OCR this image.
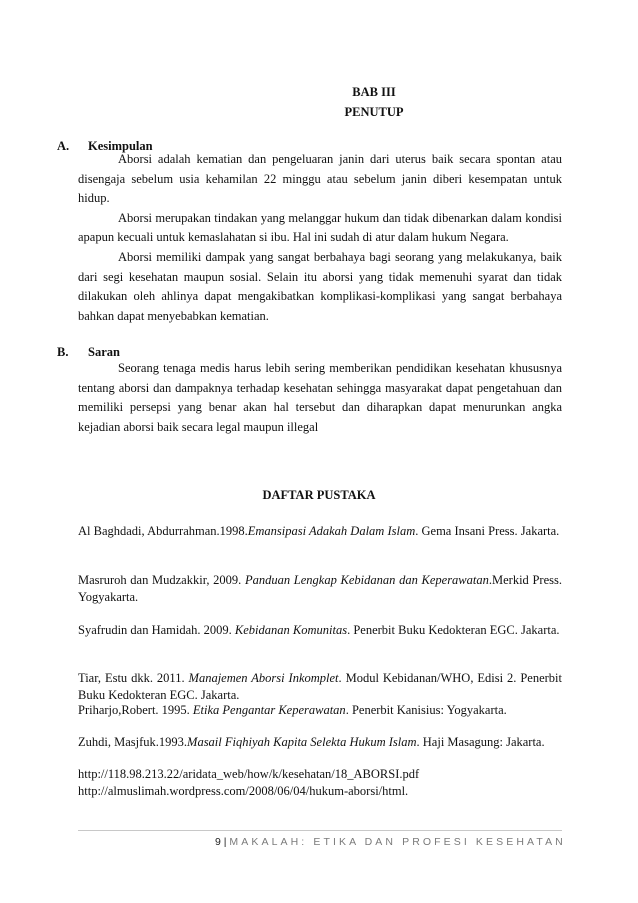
BAB III
PENUTUP
A. Kesimpulan

Aborsi adalah kematian dan pengeluaran janin dari uterus baik secara spontan atau disengaja sebelum usia kehamilan 22 minggu atau sebelum janin diberi kesempatan untuk hidup.

Aborsi merupakan tindakan yang melanggar hukum dan tidak dibenarkan dalam kondisi apapun kecuali untuk kemaslahatan si ibu. Hal ini sudah di atur dalam hukum Negara.

Aborsi memiliki dampak yang sangat berbahaya bagi seorang yang melakukanya, baik dari segi kesehatan maupun sosial. Selain itu aborsi yang tidak memenuhi syarat dan tidak dilakukan oleh ahlinya dapat mengakibatkan komplikasi-komplikasi yang sangat berbahaya bahkan dapat menyebabkan kematian.

B. Saran

Seorang tenaga medis harus lebih sering memberikan pendidikan kesehatan khususnya tentang aborsi dan dampaknya terhadap kesehatan sehingga masyarakat dapat pengetahuan dan memiliki persepsi yang benar akan hal tersebut dan diharapkan dapat menurunkan angka kejadian aborsi baik secara legal maupun illegal

DAFTAR PUSTAKA

Al Baghdadi, Abdurrahman.1998.Emansipasi Adakah Dalam Islam. Gema Insani Press. Jakarta.

Masruroh dan Mudzakkir, 2009. Panduan Lengkap Kebidanan dan Keperawatan.Merkid Press. Yogyakarta.

Syafrudin dan Hamidah. 2009. Kebidanan Komunitas. Penerbit Buku Kedokteran EGC. Jakarta.

Tiar, Estu dkk. 2011. Manajemen Aborsi Inkomplet. Modul Kebidanan/WHO, Edisi 2. Penerbit Buku Kedokteran EGC. Jakarta.

Priharjo,Robert. 1995. Etika Pengantar Keperawatan. Penerbit Kanisius: Yogyakarta.

Zuhdi, Masjfuk.1993.Masail Fiqhiyah Kapita Selekta Hukum Islam. Haji Masagung: Jakarta.

http://118.98.213.22/aridata_web/how/k/kesehatan/18_ABORSI.pdf

http://almuslimah.wordpress.com/2008/06/04/hukum-aborsi/html.

9 | MAKALAH: ETIKA DAN PROFESI KESEHATAN
